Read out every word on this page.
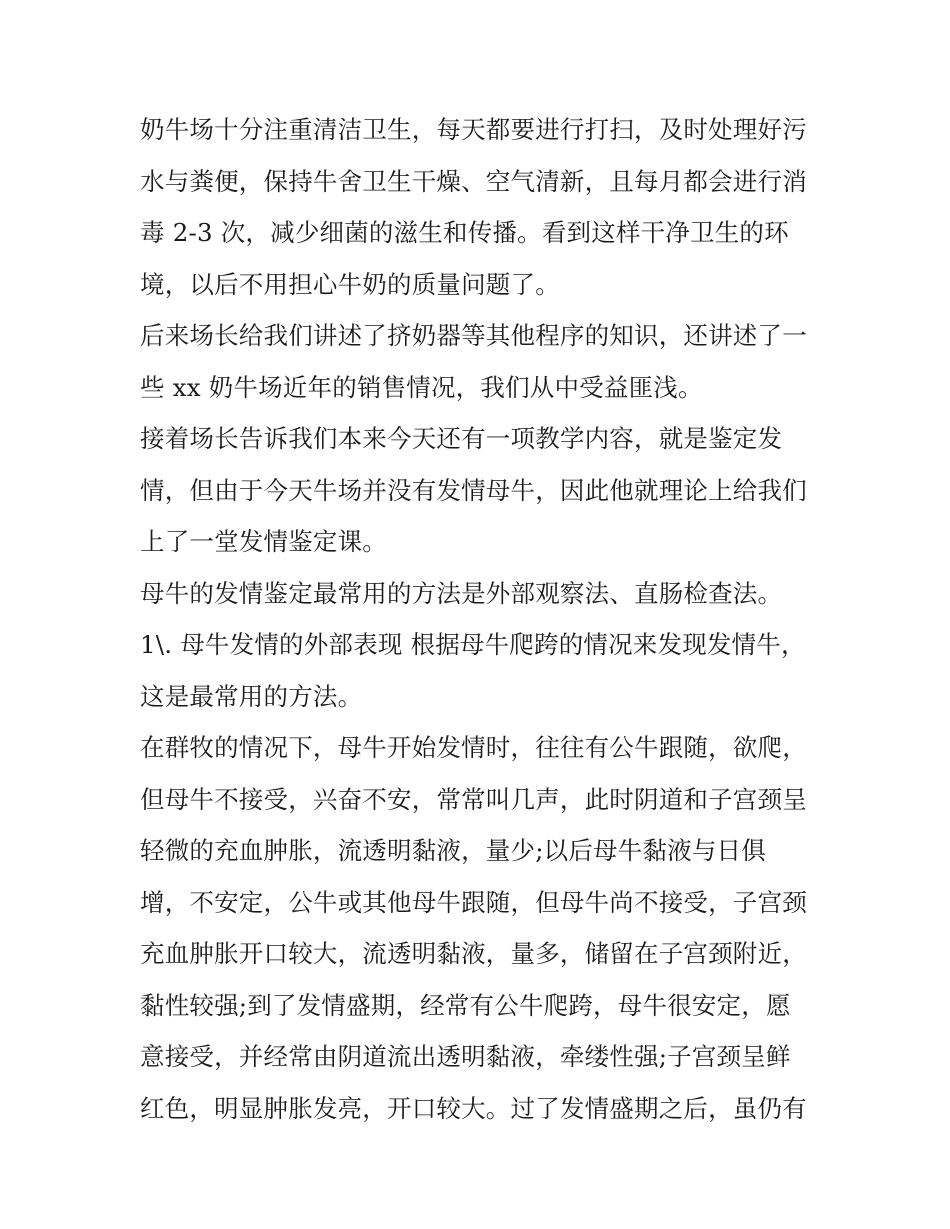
奶牛场十分注重清洁卫生，每天都要进行打扫，及时处理好污
水与粪便，保持牛舍卫生干燥、空气清新，且每月都会进行消
毒 2-3 次，减少细菌的滋生和传播。看到这样干净卫生的环
境，以后不用担心牛奶的质量问题了。
后来场长给我们讲述了挤奶器等其他程序的知识，还讲述了一
些 xx 奶牛场近年的销售情况，我们从中受益匪浅。
接着场长告诉我们本来今天还有一项教学内容，就是鉴定发
情，但由于今天牛场并没有发情母牛，因此他就理论上给我们
上了一堂发情鉴定课。
母牛的发情鉴定最常用的方法是外部观察法、直肠检查法。
1\. 母牛发情的外部表现 根据母牛爬跨的情况来发现发情牛，
这是最常用的方法。
在群牧的情况下，母牛开始发情时，往往有公牛跟随，欲爬，
但母牛不接受，兴奋不安，常常叫几声，此时阴道和子宫颈呈
轻微的充血肿胀，流透明黏液，量少;以后母牛黏液与日俱
增，不安定，公牛或其他母牛跟随，但母牛尚不接受，子宫颈
充血肿胀开口较大，流透明黏液，量多，储留在子宫颈附近，
黏性较强;到了发情盛期，经常有公牛爬跨，母牛很安定，愿
意接受，并经常由阴道流出透明黏液，牵缕性强;子宫颈呈鲜
红色，明显肿胀发亮，开口较大。过了发情盛期之后，虽仍有
